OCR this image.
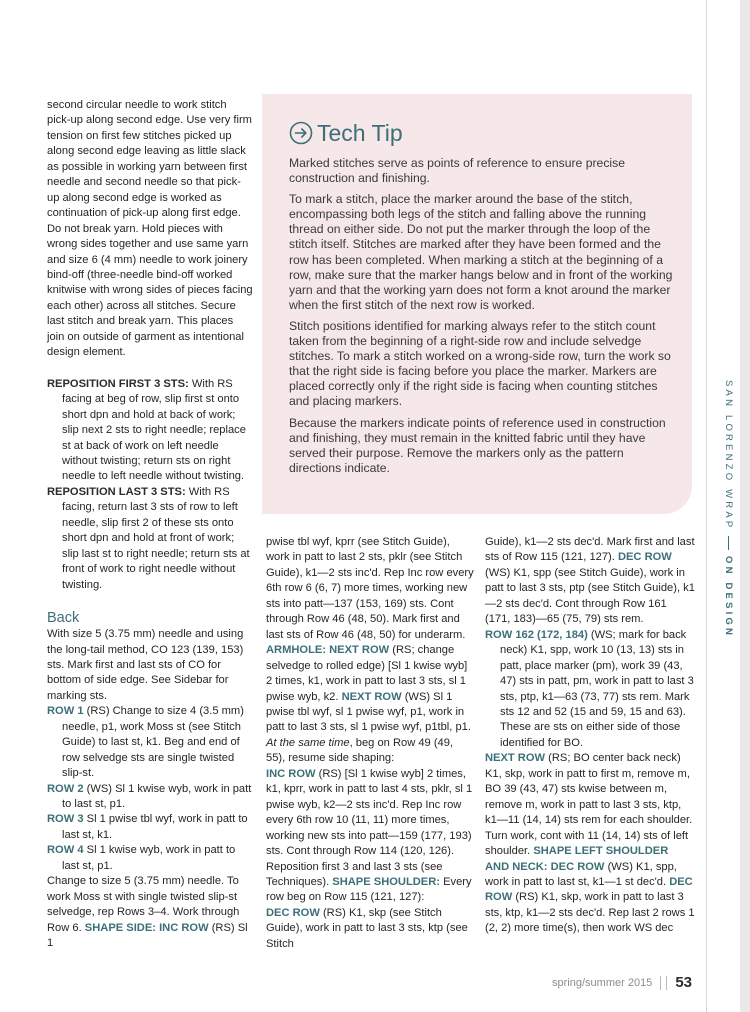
Tech Tip

Marked stitches serve as points of reference to ensure precise construction and finishing.

To mark a stitch, place the marker around the base of the stitch, encompassing both legs of the stitch and falling above the running thread on either side. Do not put the marker through the loop of the stitch itself. Stitches are marked after they have been formed and the row has been completed. When marking a stitch at the beginning of a row, make sure that the marker hangs below and in front of the working yarn and that the working yarn does not form a knot around the marker when the first stitch of the next row is worked.

Stitch positions identified for marking always refer to the stitch count taken from the beginning of a right-side row and include selvedge stitches. To mark a stitch worked on a wrong-side row, turn the work so that the right side is facing before you place the marker. Markers are placed correctly only if the right side is facing when counting stitches and placing markers.

Because the markers indicate points of reference used in construction and finishing, they must remain in the knitted fabric until they have served their purpose. Remove the markers only as the pattern directions indicate.

second circular needle to work stitch pick-up along second edge. Use very firm tension on first few stitches picked up along second edge leaving as little slack as possible in working yarn between first needle and second needle so that pick-up along second edge is worked as continuation of pick-up along first edge. Do not break yarn. Hold pieces with wrong sides together and use same yarn and size 6 (4 mm) needle to work joinery bind-off (three-needle bind-off worked knitwise with wrong sides of pieces facing each other) across all stitches. Secure last stitch and break yarn. This places join on outside of garment as intentional design element.

REPOSITION FIRST 3 STS: With RS facing at beg of row, slip first st onto short dpn and hold at back of work; slip next 2 sts to right needle; replace st at back of work on left needle without twisting; return sts on right needle to left needle without twisting.

REPOSITION LAST 3 STS: With RS facing, return last 3 sts of row to left needle, slip first 2 of these sts onto short dpn and hold at front of work; slip last st to right needle; return sts at front of work to right needle without twisting.

Back

With size 5 (3.75 mm) needle and using the long-tail method, CO 123 (139, 153) sts. Mark first and last sts of CO for bottom of side edge. See Sidebar for marking sts.

ROW 1 (RS) Change to size 4 (3.5 mm) needle, p1, work Moss st (see Stitch Guide) to last st, k1. Beg and end of row selvedge sts are single twisted slip-st.

ROW 2 (WS) Sl 1 kwise wyb, work in patt to last st, p1.

ROW 3 Sl 1 pwise tbl wyf, work in patt to last st, k1.

ROW 4 Sl 1 kwise wyb, work in patt to last st, p1.

Change to size 5 (3.75 mm) needle. To work Moss st with single twisted slip-st selvedge, rep Rows 3–4. Work through Row 6. SHAPE SIDE: INC ROW (RS) Sl 1

pwise tbl wyf, kprr (see Stitch Guide), work in patt to last 2 sts, pklr (see Stitch Guide), k1—2 sts inc'd. Rep Inc row every 6th row 6 (6, 7) more times, working new sts into patt—137 (153, 169) sts. Cont through Row 46 (48, 50). Mark first and last sts of Row 46 (48, 50) for underarm. ARMHOLE: NEXT ROW (RS; change selvedge to rolled edge) [Sl 1 kwise wyb] 2 times, k1, work in patt to last 3 sts, sl 1 pwise wyb, k2. NEXT ROW (WS) Sl 1 pwise tbl wyf, sl 1 pwise wyf, p1, work in patt to last 3 sts, sl 1 pwise wyf, p1tbl, p1. At the same time, beg on Row 49 (49, 55), resume side shaping:

INC ROW (RS) [Sl 1 kwise wyb] 2 times, k1, kprr, work in patt to last 4 sts, pklr, sl 1 pwise wyb, k2—2 sts inc'd. Rep Inc row every 6th row 10 (11, 11) more times, working new sts into patt—159 (177, 193) sts. Cont through Row 114 (120, 126). Reposition first 3 and last 3 sts (see Techniques). SHAPE SHOULDER: Every row beg on Row 115 (121, 127):

DEC ROW (RS) K1, skp (see Stitch Guide), work in patt to last 3 sts, ktp (see Stitch

Guide), k1—2 sts dec'd. Mark first and last sts of Row 115 (121, 127). DEC ROW (WS) K1, spp (see Stitch Guide), work in patt to last 3 sts, ptp (see Stitch Guide), k1—2 sts dec'd. Cont through Row 161 (171, 183)—65 (75, 79) sts rem.

ROW 162 (172, 184) (WS; mark for back neck) K1, spp, work 10 (13, 13) sts in patt, place marker (pm), work 39 (43, 47) sts in patt, pm, work in patt to last 3 sts, ptp, k1—63 (73, 77) sts rem. Mark sts 12 and 52 (15 and 59, 15 and 63). These are sts on either side of those identified for BO.

NEXT ROW (RS; BO center back neck) K1, skp, work in patt to first m, remove m, BO 39 (43, 47) sts kwise between m, remove m, work in patt to last 3 sts, ktp, k1—11 (14, 14) sts rem for each shoulder. Turn work, cont with 11 (14, 14) sts of left shoulder. SHAPE LEFT SHOULDER AND NECK: DEC ROW (WS) K1, spp, work in patt to last st, k1—1 st dec'd. DEC ROW (RS) K1, skp, work in patt to last 3 sts, ktp, k1—2 sts dec'd. Rep last 2 rows 1 (2, 2) more time(s), then work WS dec

SAN LORENZO WRAP
ON DESIGN
spring/summer 2015 53
